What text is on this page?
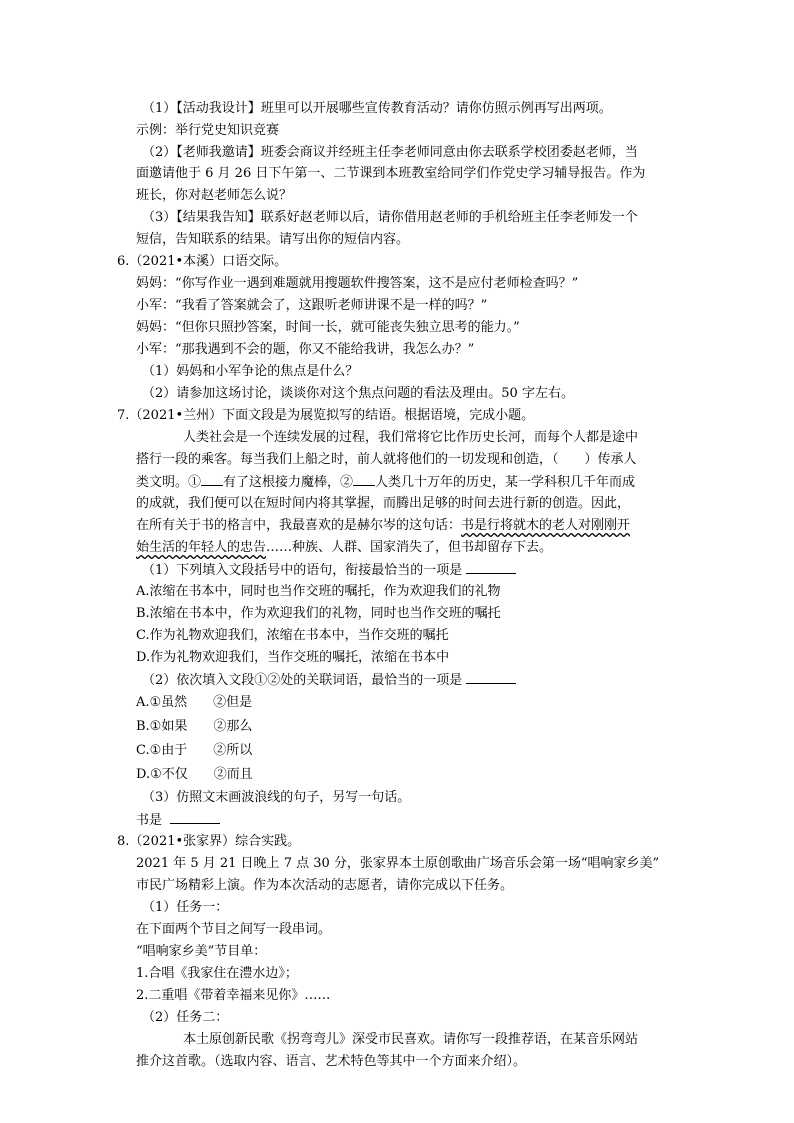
（1）【活动我设计】班里可以开展哪些宣传教育活动？请你仿照示例再写出两项。
示例：举行党史知识竞赛
（2）【老师我邀请】班委会商议并经班主任李老师同意由你去联系学校团委赵老师，当
面邀请他于 6 月 26 日下午第一、二节课到本班教室给同学们作党史学习辅导报告。作为
班长，你对赵老师怎么说？
（3）【结果我告知】联系好赵老师以后，请你借用赵老师的手机给班主任李老师发一个
短信，告知联系的结果。请写出你的短信内容。
6.（2021•本溪）口语交际。
妈妈：“你写作业一遇到难题就用搜题软件搜答案，这不是应付老师检查吗？”
小军：“我看了答案就会了，这跟听老师讲课不是一样的吗？”
妈妈：“但你只照抄答案，时间一长，就可能丧失独立思考的能力。”
小军：“那我遇到不会的题，你又不能给我讲，我怎么办？”
（1）妈妈和小军争论的焦点是什么？
（2）请参加这场讨论，谈谈你对这个焦点问题的看法及理由。50 字左右。
7.（2021•兰州）下面文段是为展览拟写的结语。根据语境，完成小题。
人类社会是一个连续发展的过程，我们常将它比作历史长河，而每个人都是途中
搭行一段的乘客。每当我们上船之时，前人就将他们的一切发现和创造，（　　）传承人
类文明。① 有了这根接力魔棒，② 人类几十万年的历史，某一学科积几千年而成
的成就，我们便可以在短时间内将其掌握，而腾出足够的时间去进行新的创造。因此，
在所有关于书的格言中，我最喜欢的是赫尔岑的这句话：书是行将就木的老人对刚刚开
始生活的年轻人的忠告……种族、人群、国家消失了，但书却留存下去。
（1）下列填入文段括号中的语句，衔接最恰当的一项是
A.浓缩在书本中，同时也当作交班的嘱托，作为欢迎我们的礼物
B.浓缩在书本中，作为欢迎我们的礼物，同时也当作交班的嘱托
C.作为礼物欢迎我们，浓缩在书本中，当作交班的嘱托
D.作为礼物欢迎我们，当作交班的嘱托，浓缩在书本中
（2）依次填入文段①②处的关联词语，最恰当的一项是
A.①虽然　　②但是
B.①如果　　②那么
C.①由于　　②所以
D.①不仅　　②而且
（3）仿照文末画波浪线的句子，另写一句话。
书是
8.（2021•张家界）综合实践。
2021 年 5 月 21 日晚上 7 点 30 分，张家界本土原创歌曲广场音乐会第一场“唱响家乡美”
市民广场精彩上演。作为本次活动的志愿者，请你完成以下任务。
（1）任务一：
在下面两个节目之间写一段串词。
“唱响家乡美”节目单：
1.合唱《我家住在澧水边》；
2.二重唱《带着幸福来见你》……
（2）任务二：
本土原创新民歌《拐弯弯儿》深受市民喜欢。请你写一段推荐语，在某音乐网站
推介这首歌。（选取内容、语言、艺术特色等其中一个方面来介绍）。
